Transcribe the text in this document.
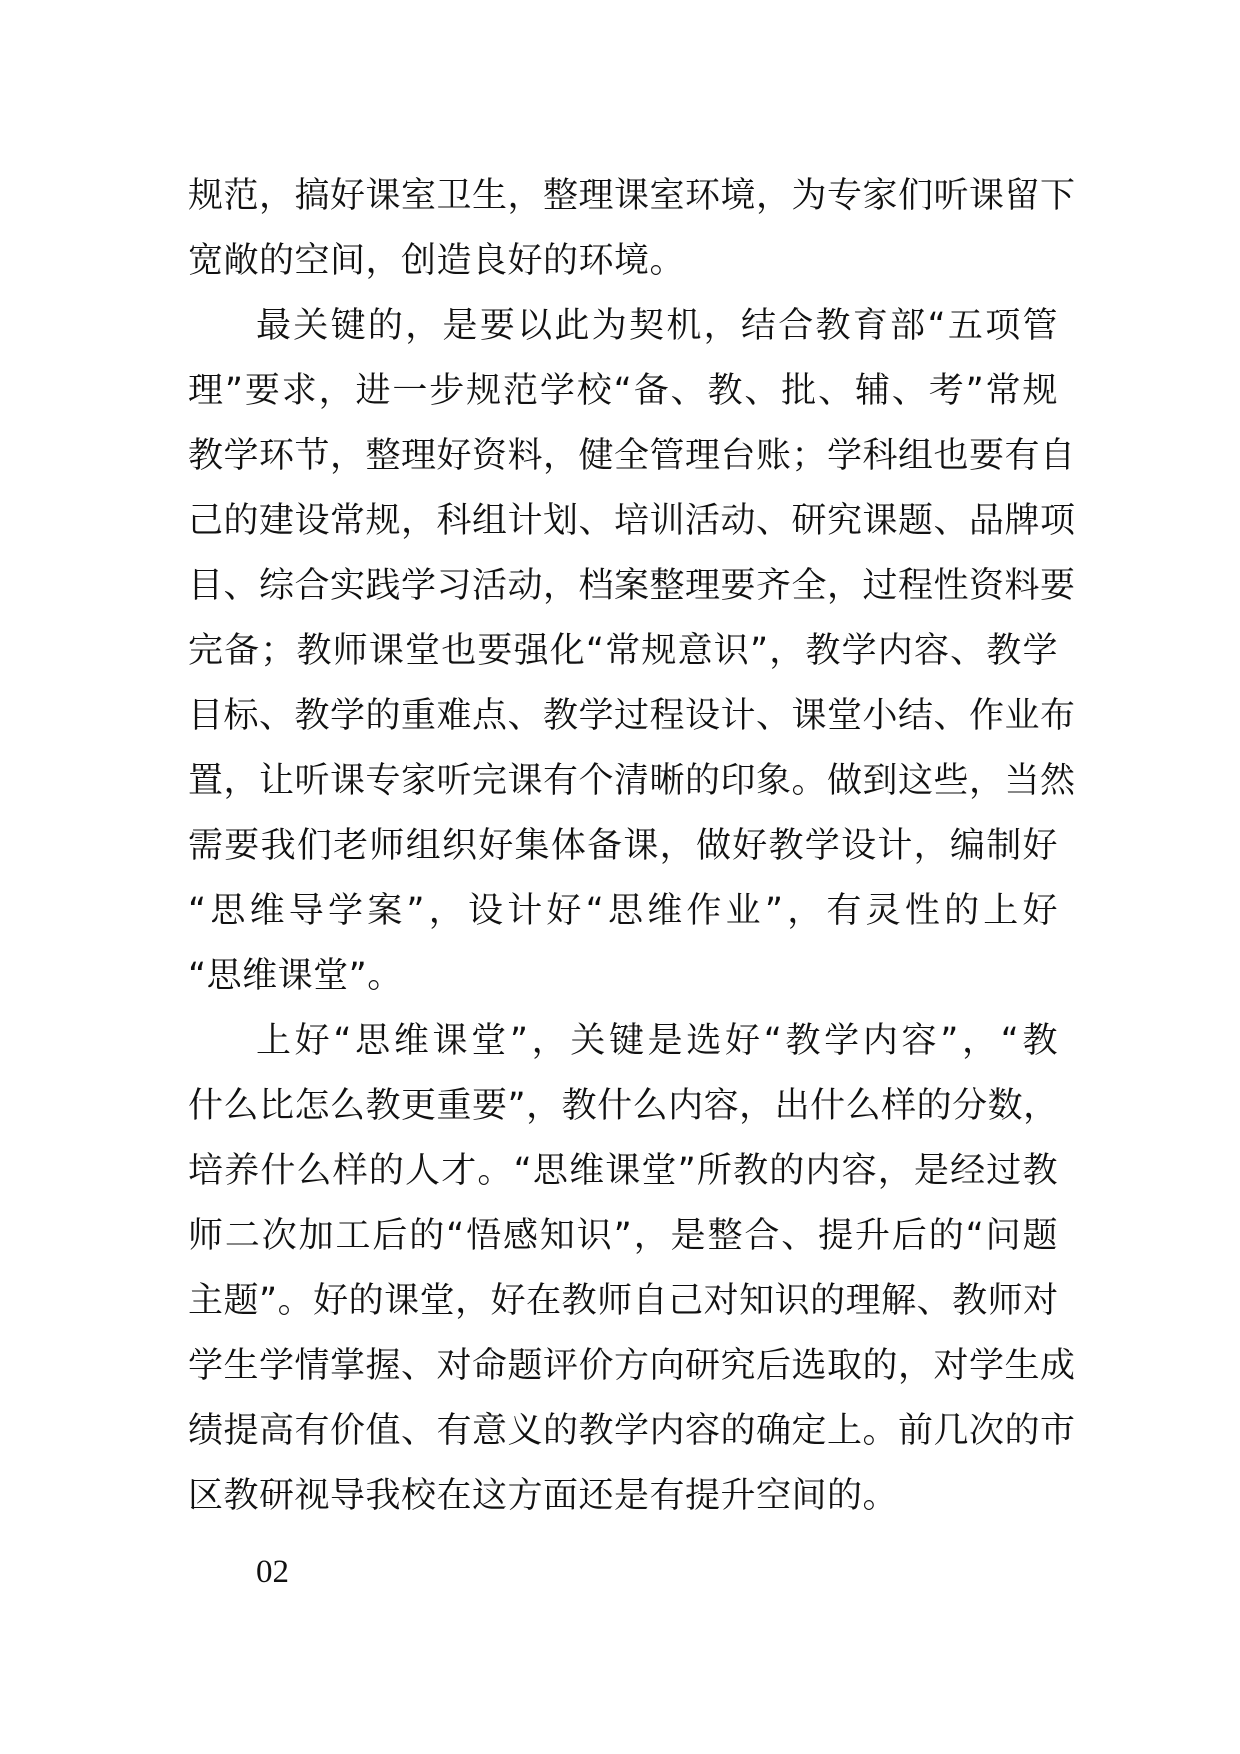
规范，搞好课室卫生，整理课室环境，为专家们听课留下
宽敞的空间，创造良好的环境。
最关键的，是要以此为契机，结合教育部“五项管
理”要求，进一步规范学校“备、教、批、辅、考”常规
教学环节，整理好资料，健全管理台账；学科组也要有自
己的建设常规，科组计划、培训活动、研究课题、品牌项
目、综合实践学习活动，档案整理要齐全，过程性资料要
完备；教师课堂也要强化“常规意识”，教学内容、教学
目标、教学的重难点、教学过程设计、课堂小结、作业布
置，让听课专家听完课有个清晰的印象。做到这些，当然
需要我们老师组织好集体备课，做好教学设计，编制好
“思维导学案”，设计好“思维作业”，有灵性的上好
“思维课堂”。
上好“思维课堂”，关键是选好“教学内容”，“教
什么比怎么教更重要”，教什么内容，出什么样的分数，
培养什么样的人才。“思维课堂”所教的内容，是经过教
师二次加工后的“悟感知识”，是整合、提升后的“问题
主题”。好的课堂，好在教师自己对知识的理解、教师对
学生学情掌握、对命题评价方向研究后选取的，对学生成
绩提高有价值、有意义的教学内容的确定上。前几次的市
区教研视导我校在这方面还是有提升空间的。
02
